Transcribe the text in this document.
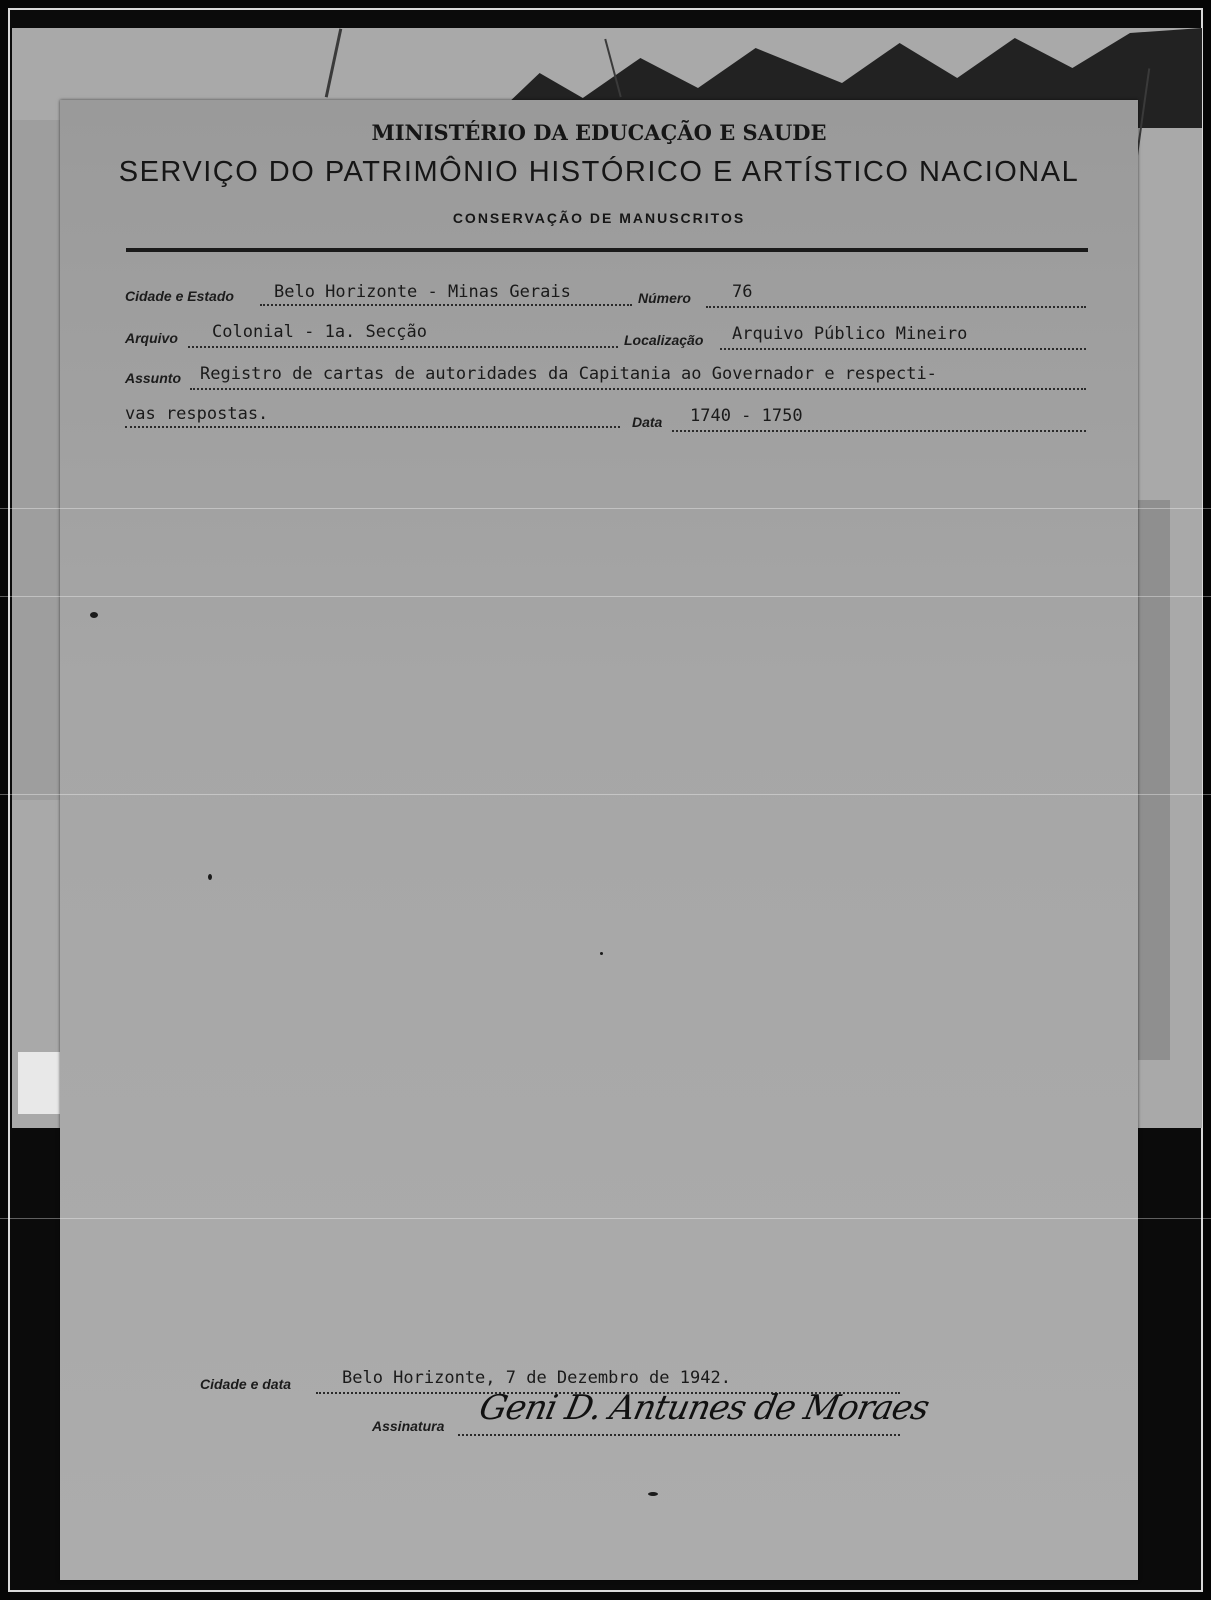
MINISTÉRIO DA EDUCAÇÃO E SAUDE
SERVIÇO DO PATRIMÔNIO HISTÓRICO E ARTÍSTICO NACIONAL
CONSERVAÇÃO DE MANUSCRITOS
Cidade e Estado Belo Horizonte - Minas Gerais	Número 76
Arquivo Colonial - 1a. Secção	Localização Arquivo Público Mineiro
Assunto Registro de cartas de autoridades da Capitania ao Governador e respecti-
vas respostas.	Data 1740 - 1750
Cidade e data	Belo Horizonte, 7 de Dezembro de 1942.
Assinatura Geni D. Antunes de Moraes
